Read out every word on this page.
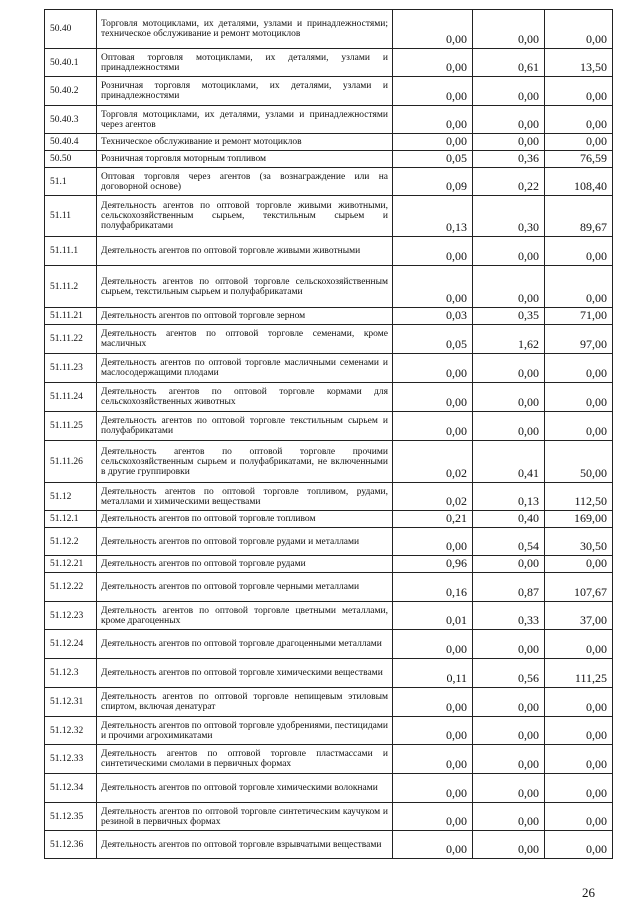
50.40	Торговля мотоциклами, их деталями, узлами и принадлежностями; техническое обслуживание и ремонт мотоциклов	0,00	0,00	0,00
50.40.1	Оптовая торговля мотоциклами, их деталями, узлами и принадлежностями	0,00	0,61	13,50
50.40.2	Розничная торговля мотоциклами, их деталями, узлами и принадлежностями	0,00	0,00	0,00
50.40.3	Торговля мотоциклами, их деталями, узлами и принадлежностями через агентов	0,00	0,00	0,00
50.40.4	Техническое обслуживание и ремонт мотоциклов	0,00	0,00	0,00
50.50	Розничная торговля моторным топливом	0,05	0,36	76,59
51.1	Оптовая торговля через агентов (за вознаграждение или на договорной основе)	0,09	0,22	108,40
51.11	Деятельность агентов по оптовой торговле живыми животными, сельскохозяйственным сырьем, текстильным сырьем и полуфабрикатами	0,13	0,30	89,67
51.11.1	Деятельность агентов по оптовой торговле живыми животными	0,00	0,00	0,00
51.11.2	Деятельность агентов по оптовой торговле сельскохозяйственным сырьем, текстильным сырьем и полуфабрикатами	0,00	0,00	0,00
51.11.21	Деятельность агентов по оптовой торговле зерном	0,03	0,35	71,00
51.11.22	Деятельность агентов по оптовой торговле семенами, кроме масличных	0,05	1,62	97,00
51.11.23	Деятельность агентов по оптовой торговле масличными семенами и маслосодержащими плодами	0,00	0,00	0,00
51.11.24	Деятельность агентов по оптовой торговле кормами для сельскохозяйственных животных	0,00	0,00	0,00
51.11.25	Деятельность агентов по оптовой торговле текстильным сырьем и полуфабрикатами	0,00	0,00	0,00
51.11.26	Деятельность агентов по оптовой торговле прочими сельскохозяйственным сырьем и полуфабрикатами, не включенными в другие группировки	0,02	0,41	50,00
51.12	Деятельность агентов по оптовой торговле топливом, рудами, металлами и химическими веществами	0,02	0,13	112,50
51.12.1	Деятельность агентов по оптовой торговле топливом	0,21	0,40	169,00
51.12.2	Деятельность агентов по оптовой торговле рудами и металлами	0,00	0,54	30,50
51.12.21	Деятельность агентов по оптовой торговле рудами	0,96	0,00	0,00
51.12.22	Деятельность агентов по оптовой торговле черными металлами	0,16	0,87	107,67
51.12.23	Деятельность агентов по оптовой торговле цветными металлами, кроме драгоценных	0,01	0,33	37,00
51.12.24	Деятельность агентов по оптовой торговле драгоценными металлами	0,00	0,00	0,00
51.12.3	Деятельность агентов по оптовой торговле химическими веществами	0,11	0,56	111,25
51.12.31	Деятельность агентов по оптовой торговле непищевым этиловым спиртом, включая денатурат	0,00	0,00	0,00
51.12.32	Деятельность агентов по оптовой торговле удобрениями, пестицидами и прочими агрохимикатами	0,00	0,00	0,00
51.12.33	Деятельность агентов по оптовой торговле пластмассами и синтетическими смолами в первичных формах	0,00	0,00	0,00
51.12.34	Деятельность агентов по оптовой торговле химическими волокнами	0,00	0,00	0,00
51.12.35	Деятельность агентов по оптовой торговле синтетическим каучуком и резиной в первичных формах	0,00	0,00	0,00
51.12.36	Деятельность агентов по оптовой торговле взрывчатыми веществами	0,00	0,00	0,00
26
